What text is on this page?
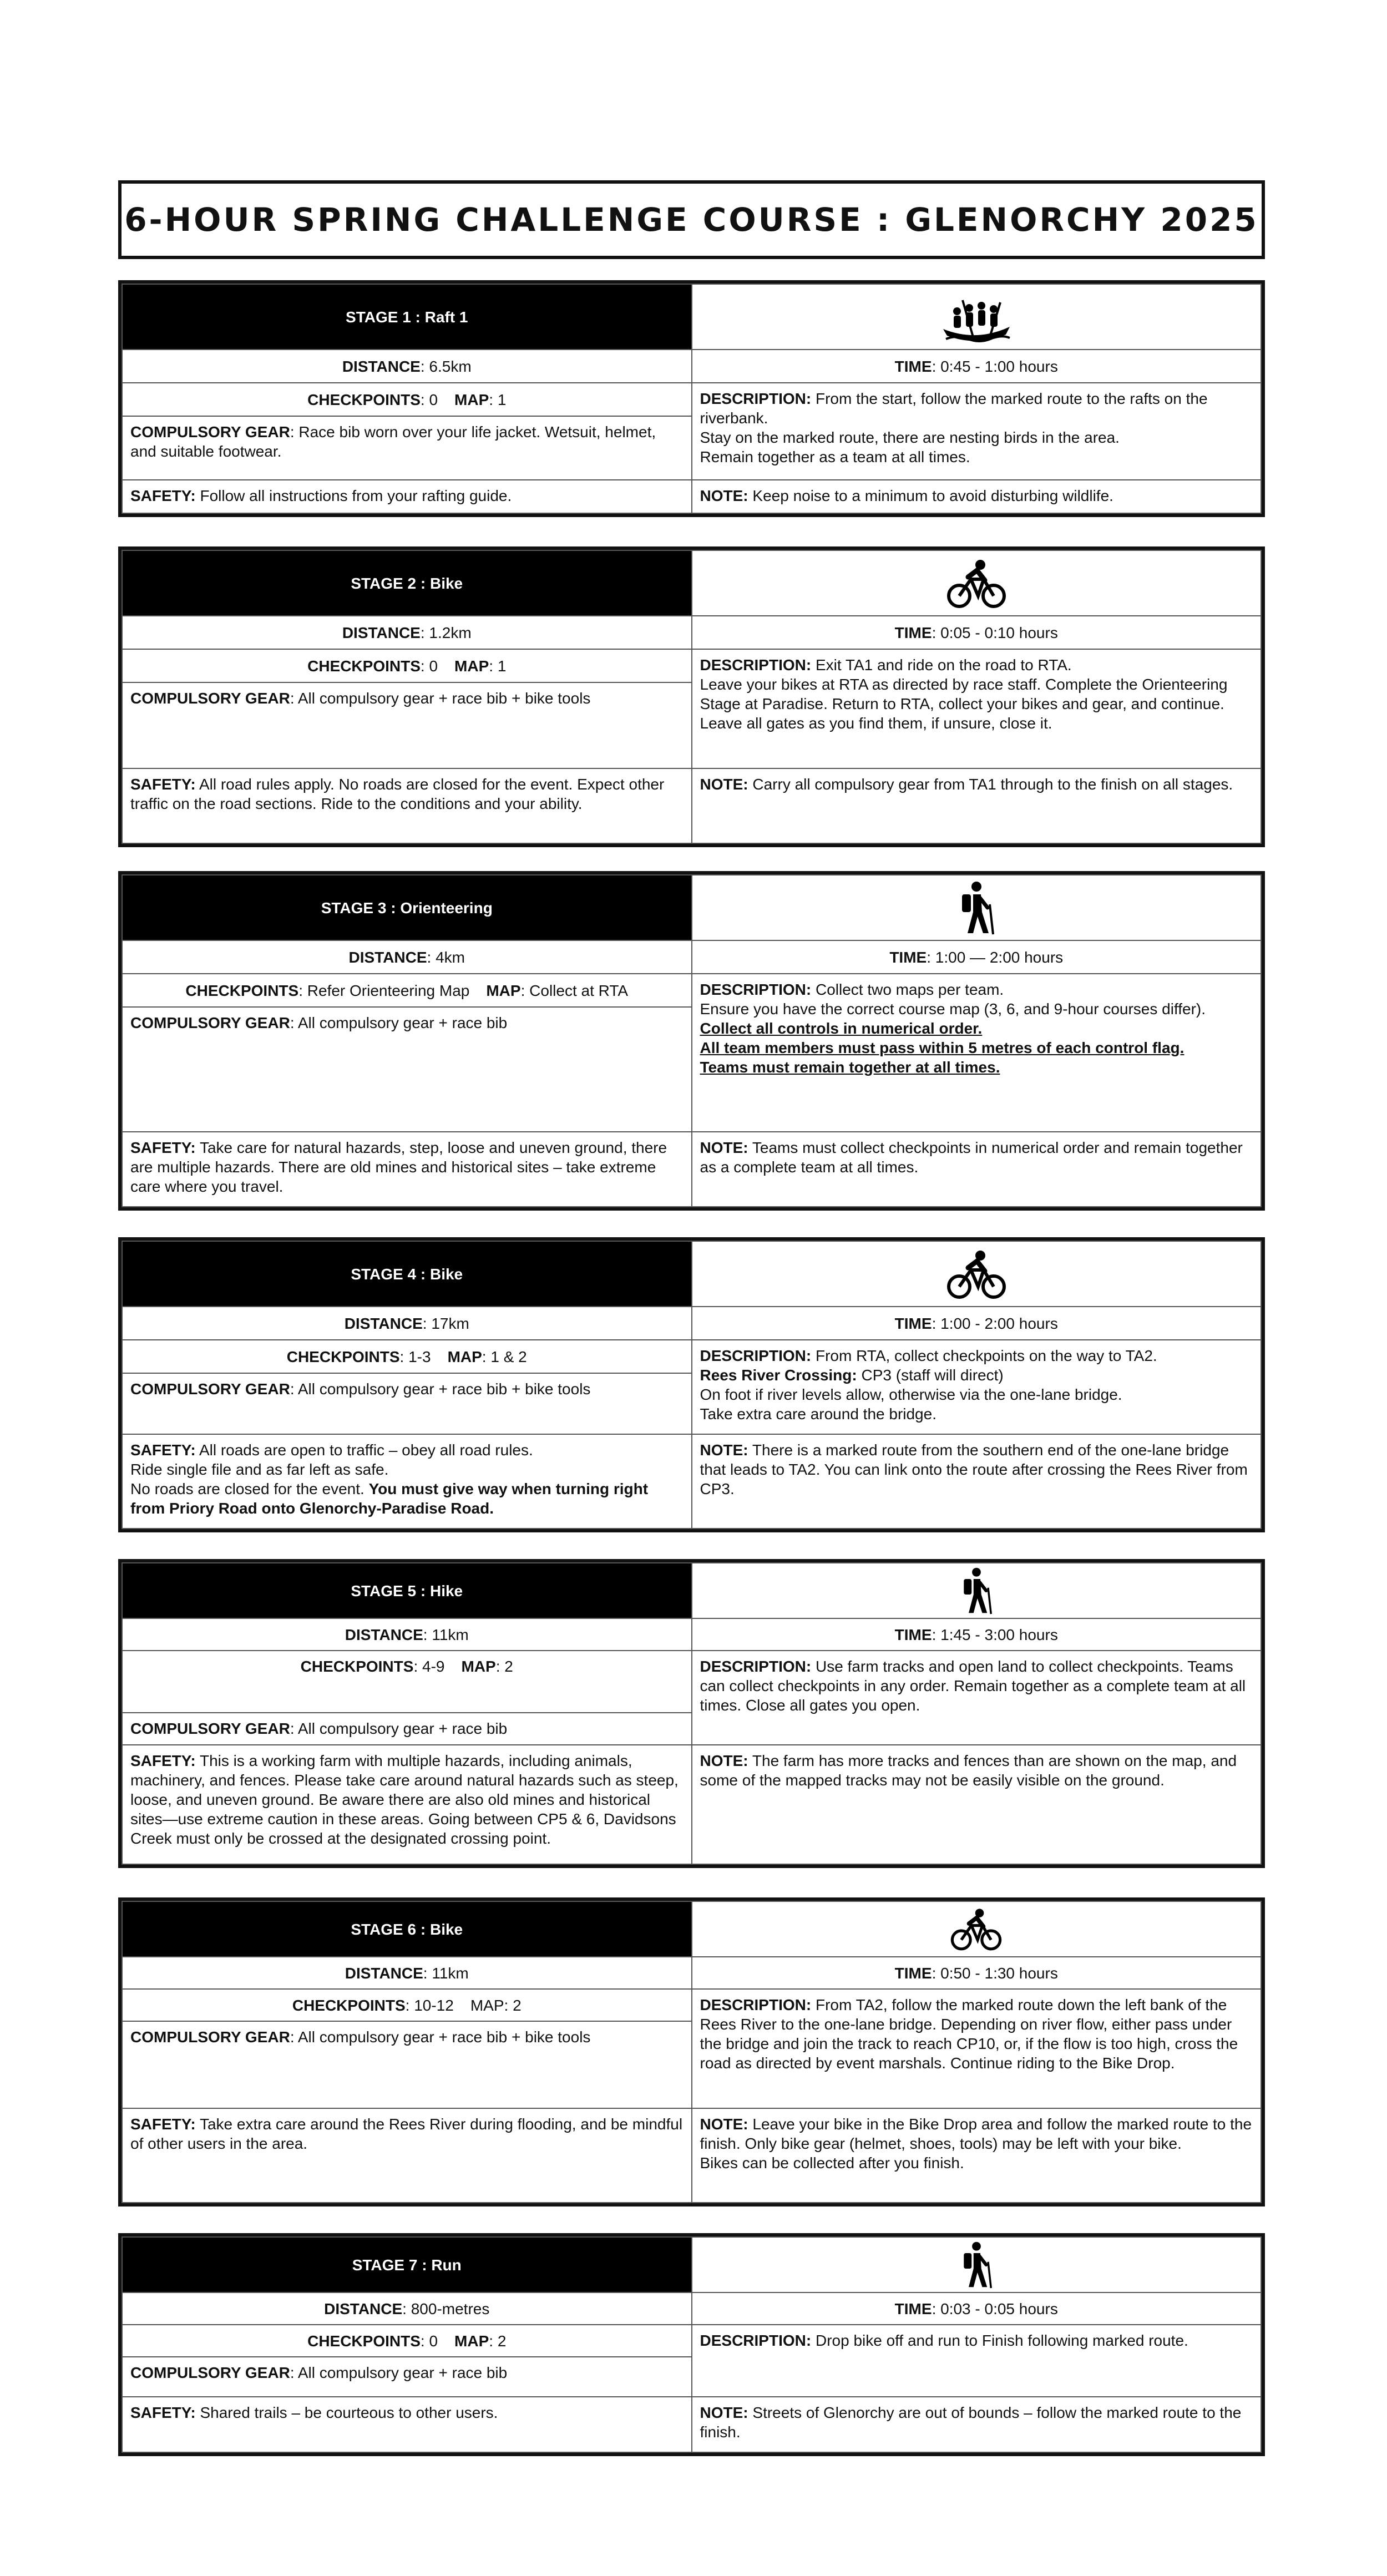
6-HOUR SPRING CHALLENGE COURSE : GLENORCHY 2025
STAGE 1 : Raft 1	
DISTANCE: 6.5km	TIME: 0:45 - 1:00 hours
CHECKPOINTS: 0 MAP: 1	DESCRIPTION: From the start, follow the marked route to the rafts on the riverbank.
Stay on the marked route, there are nesting birds in the area.
Remain together as a team at all times.
COMPULSORY GEAR: Race bib worn over your life jacket. Wetsuit, helmet, and suitable footwear.	
SAFETY: Follow all instructions from your rafting guide.	NOTE: Keep noise to a minimum to avoid disturbing wildlife.
STAGE 2 : Bike	
DISTANCE: 1.2km	TIME: 0:05 - 0:10 hours
CHECKPOINTS: 0 MAP: 1	DESCRIPTION: Exit TA1 and ride on the road to RTA.
Leave your bikes at RTA as directed by race staff. Complete the Orienteering Stage at Paradise. Return to RTA, collect your bikes and gear, and continue. Leave all gates as you find them, if unsure, close it.
COMPULSORY GEAR: All compulsory gear + race bib + bike tools	
SAFETY: All road rules apply. No roads are closed for the event. Expect other traffic on the road sections. Ride to the conditions and your ability.	NOTE: Carry all compulsory gear from TA1 through to the finish on all stages.
STAGE 3 : Orienteering	
DISTANCE: 4km	TIME: 1:00 — 2:00 hours
CHECKPOINTS: Refer Orienteering Map MAP: Collect at RTA	DESCRIPTION: Collect two maps per team.
Ensure you have the correct course map (3, 6, and 9-hour courses differ).
Collect all controls in numerical order.
All team members must pass within 5 metres of each control flag.
Teams must remain together at all times.
COMPULSORY GEAR: All compulsory gear + race bib	
SAFETY: Take care for natural hazards, step, loose and uneven ground, there are multiple hazards. There are old mines and historical sites – take extreme care where you travel.	NOTE: Teams must collect checkpoints in numerical order and remain together as a complete team at all times.
STAGE 4 : Bike	
DISTANCE: 17km	TIME: 1:00 - 2:00 hours
CHECKPOINTS: 1-3 MAP: 1 & 2	DESCRIPTION: From RTA, collect checkpoints on the way to TA2.
Rees River Crossing: CP3 (staff will direct)
On foot if river levels allow, otherwise via the one-lane bridge.
Take extra care around the bridge.
COMPULSORY GEAR: All compulsory gear + race bib + bike tools	
SAFETY: All roads are open to traffic – obey all road rules.
Ride single file and as far left as safe.
No roads are closed for the event. You must give way when turning right from Priory Road onto Glenorchy-Paradise Road.	NOTE: There is a marked route from the southern end of the one-lane bridge that leads to TA2. You can link onto the route after crossing the Rees River from CP3.
STAGE 5 : Hike	
DISTANCE: 11km	TIME: 1:45 - 3:00 hours
CHECKPOINTS: 4-9 MAP: 2	DESCRIPTION: Use farm tracks and open land to collect checkpoints. Teams can collect checkpoints in any order. Remain together as a complete team at all times. Close all gates you open.
COMPULSORY GEAR: All compulsory gear + race bib	
SAFETY: This is a working farm with multiple hazards, including animals, machinery, and fences. Please take care around natural hazards such as steep, loose, and uneven ground. Be aware there are also old mines and historical sites—use extreme caution in these areas. Going between CP5 & 6, Davidsons Creek must only be crossed at the designated crossing point.	NOTE: The farm has more tracks and fences than are shown on the map, and some of the mapped tracks may not be easily visible on the ground.
STAGE 6 : Bike	
DISTANCE: 11km	TIME: 0:50 - 1:30 hours
CHECKPOINTS: 10-12 MAP: 2	DESCRIPTION: From TA2, follow the marked route down the left bank of the Rees River to the one-lane bridge. Depending on river flow, either pass under the bridge and join the track to reach CP10, or, if the flow is too high, cross the road as directed by event marshals. Continue riding to the Bike Drop.
COMPULSORY GEAR: All compulsory gear + race bib + bike tools	
SAFETY: Take extra care around the Rees River during flooding, and be mindful of other users in the area.	NOTE: Leave your bike in the Bike Drop area and follow the marked route to the finish. Only bike gear (helmet, shoes, tools) may be left with your bike.
Bikes can be collected after you finish.
STAGE 7 : Run	
DISTANCE: 800-metres	TIME: 0:03 - 0:05 hours
CHECKPOINTS: 0 MAP: 2	DESCRIPTION: Drop bike off and run to Finish following marked route.
COMPULSORY GEAR: All compulsory gear + race bib	
SAFETY: Shared trails – be courteous to other users.	NOTE: Streets of Glenorchy are out of bounds – follow the marked route to the finish.
